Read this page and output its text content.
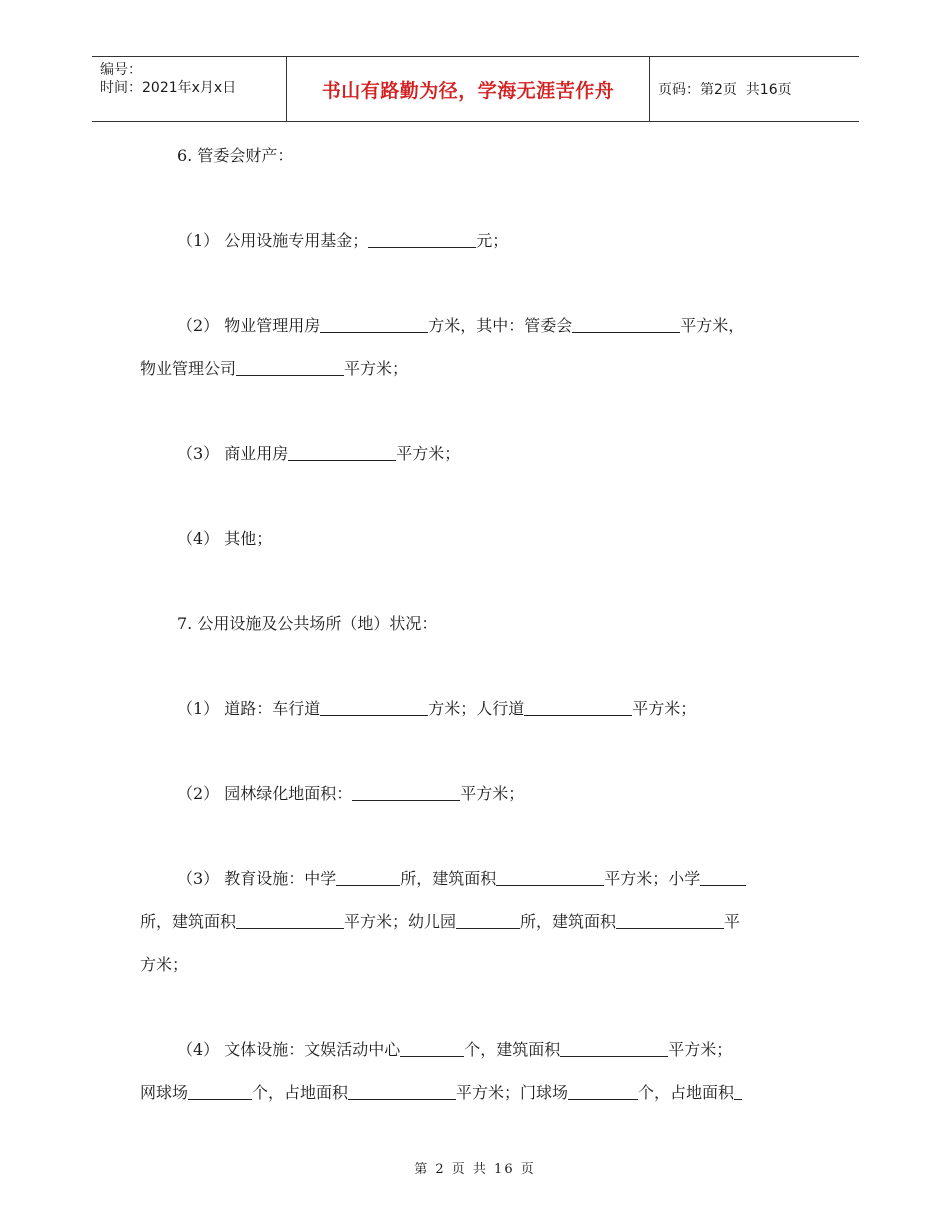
编号：
时间：2021年x月x日	书山有路勤为径，学海无涯苦作舟	页码：第2页  共16页
6. 管委会财产：
（1） 公用设施专用基金；	元；
（2） 物业管理用房	方米，其中：管委会	平方米，
物业管理公司	平方米；
（3） 商业用房	平方米；
（4） 其他；
7. 公用设施及公共场所（地）状况：
（1） 道路：车行道	方米；人行道	平方米；
（2） 园林绿化地面积：	平方米；
（3） 教育设施：中学	所，建筑面积	平方米；小学
所，建筑面积	平方米；幼儿园	所，建筑面积	平
方米；
（4） 文体设施：文娱活动中心	个，建筑面积	平方米；
网球场	个，占地面积	平方米；门球场	个，占地面积
第 2 页 共 16 页
